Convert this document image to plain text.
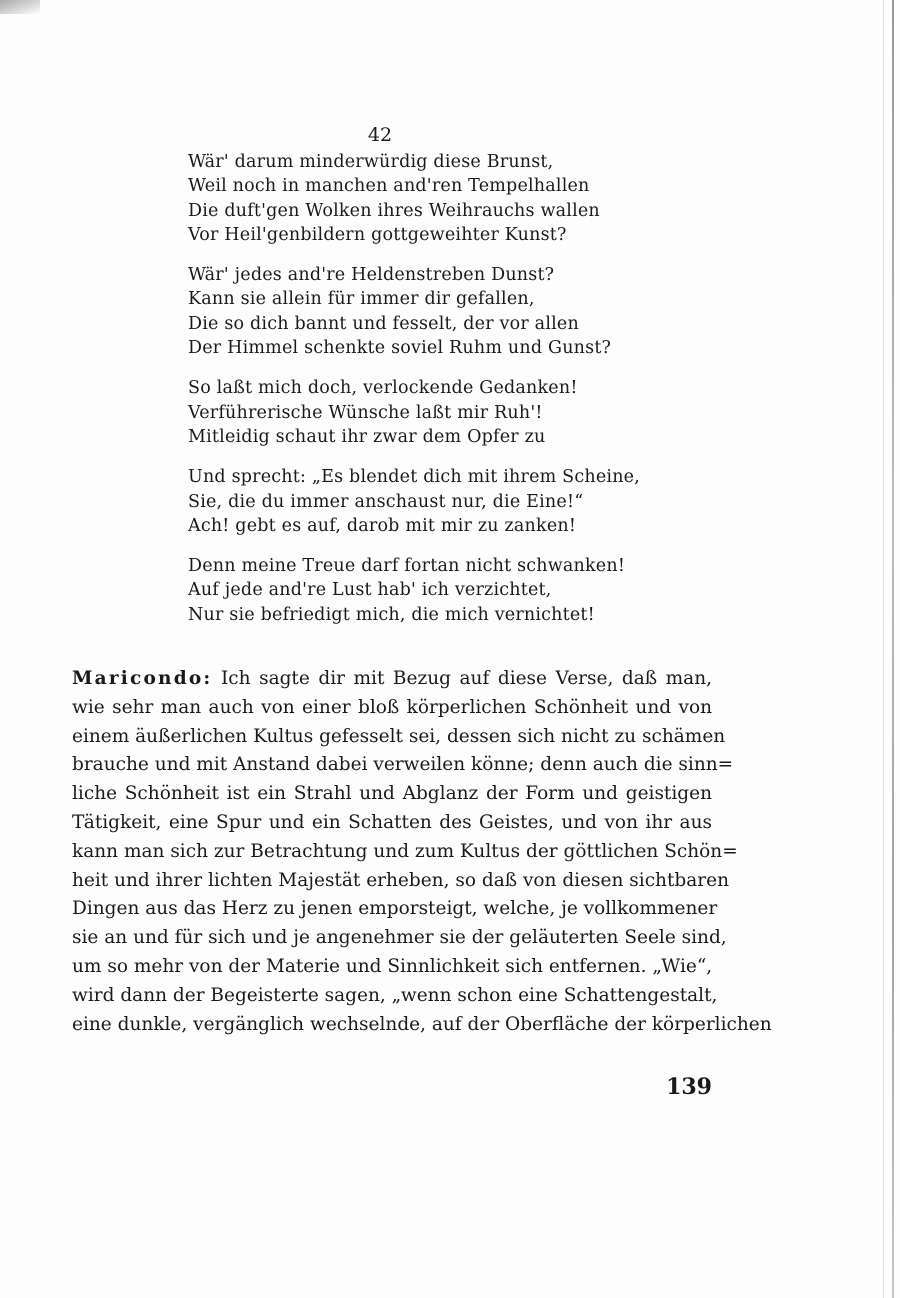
42
Wär' darum minderwürdig diese Brunst,
Weil noch in manchen and'ren Tempelhallen
Die duft'gen Wolken ihres Weihrauchs wallen
Vor Heil'genbildern gottgeweihter Kunst?
Wär' jedes and're Heldenstreben Dunst?
Kann sie allein für immer dir gefallen,
Die so dich bannt und fesselt, der vor allen
Der Himmel schenkte soviel Ruhm und Gunst?
So laßt mich doch, verlockende Gedanken!
Verführerische Wünsche laßt mir Ruh'!
Mitleidig schaut ihr zwar dem Opfer zu
Und sprecht: „Es blendet dich mit ihrem Scheine,
Sie, die du immer anschaust nur, die Eine!“
Ach! gebt es auf, darob mit mir zu zanken!
Denn meine Treue darf fortan nicht schwanken!
Auf jede and're Lust hab' ich verzichtet,
Nur sie befriedigt mich, die mich vernichtet!
Maricondo: Ich sagte dir mit Bezug auf diese Verse, daß man,
wie sehr man auch von einer bloß körperlichen Schönheit und von
einem äußerlichen Kultus gefesselt sei, dessen sich nicht zu schämen
brauche und mit Anstand dabei verweilen könne; denn auch die sinn=
liche Schönheit ist ein Strahl und Abglanz der Form und geistigen
Tätigkeit, eine Spur und ein Schatten des Geistes, und von ihr aus
kann man sich zur Betrachtung und zum Kultus der göttlichen Schön=
heit und ihrer lichten Majestät erheben, so daß von diesen sichtbaren
Dingen aus das Herz zu jenen emporsteigt, welche, je vollkommener
sie an und für sich und je angenehmer sie der geläuterten Seele sind,
um so mehr von der Materie und Sinnlichkeit sich entfernen. „Wie“,
wird dann der Begeisterte sagen, „wenn schon eine Schattengestalt,
eine dunkle, vergänglich wechselnde, auf der Oberfläche der körperlichen
139
